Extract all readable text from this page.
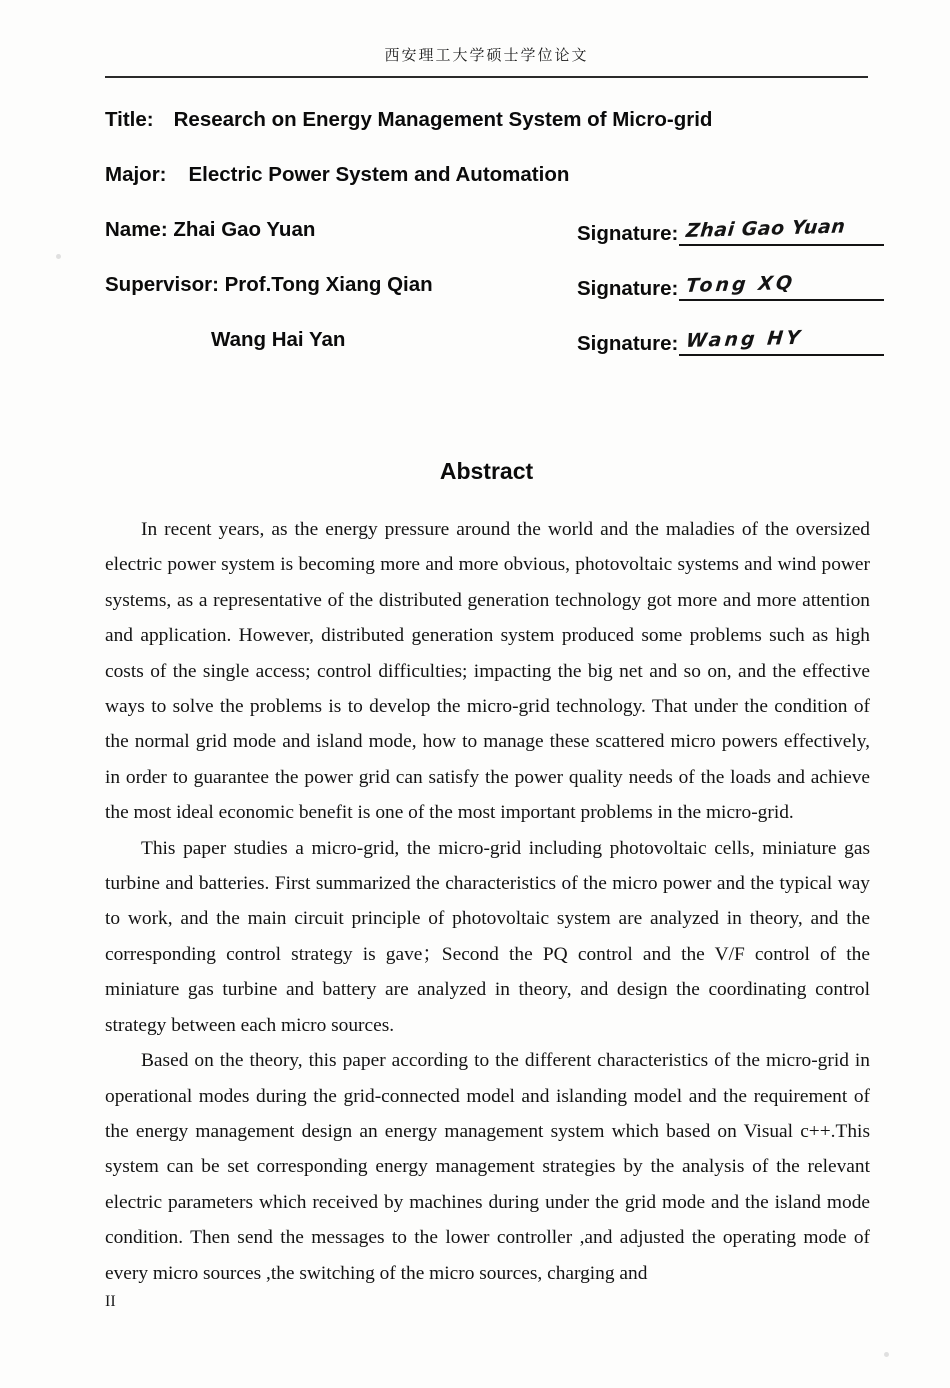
西安理工大学硕士学位论文
Title: Research on Energy Management System of Micro-grid
Major: Electric Power System and Automation
Name: Zhai Gao Yuan	Signature: Zhai Gao Yuan
Supervisor: Prof.Tong Xiang Qian	Signature: Tong XQ
Wang Hai Yan	Signature: Wang HY
Abstract

In recent years, as the energy pressure around the world and the maladies of the oversized electric power system is becoming more and more obvious, photovoltaic systems and wind power systems, as a representative of the distributed generation technology got more and more attention and application. However, distributed generation system produced some problems such as high costs of the single access; control difficulties; impacting the big net and so on, and the effective ways to solve the problems is to develop the micro-grid technology. That under the condition of the normal grid mode and island mode, how to manage these scattered micro powers effectively, in order to guarantee the power grid can satisfy the power quality needs of the loads and achieve the most ideal economic benefit is one of the most important problems in the micro-grid.

This paper studies a micro-grid, the micro-grid including photovoltaic cells, miniature gas turbine and batteries. First summarized the characteristics of the micro power and the typical way to work, and the main circuit principle of photovoltaic system are analyzed in theory, and the corresponding control strategy is gave；Second the PQ control and the V/F control of the miniature gas turbine and battery are analyzed in theory, and design the coordinating control strategy between each micro sources.

Based on the theory, this paper according to the different characteristics of the micro-grid in operational modes during the grid-connected model and islanding model and the requirement of the energy management design an energy management system which based on Visual c++.This system can be set corresponding energy management strategies by the analysis of the relevant electric parameters which received by machines during under the grid mode and the island mode condition. Then send the messages to the lower controller ,and adjusted the operating mode of every micro sources ,the switching of the micro sources, charging and

II
